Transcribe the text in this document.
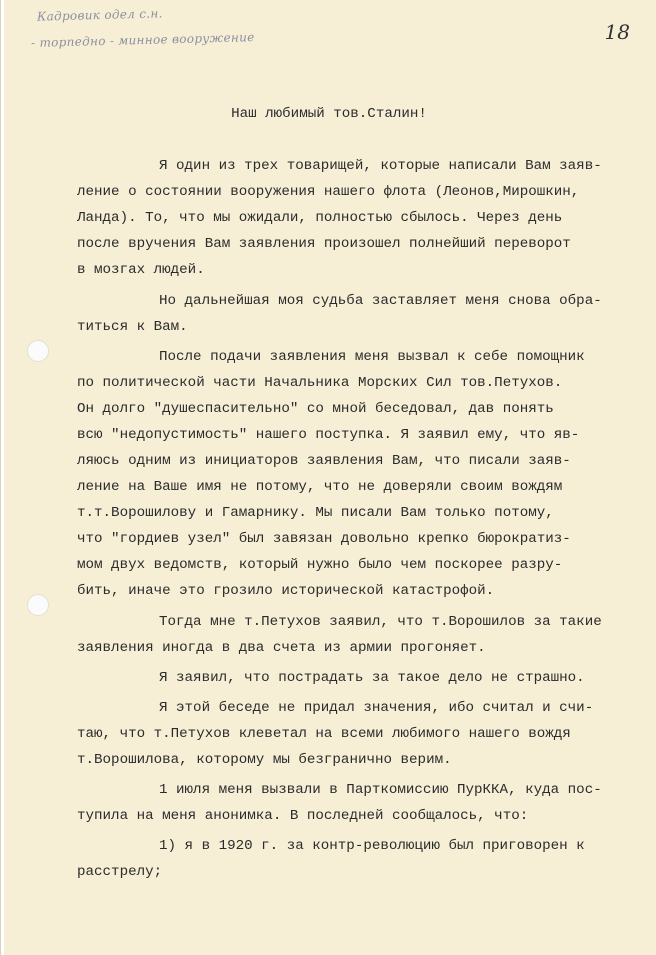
Кадровик одел с.н.
- торпедно - минное вооружение	18
Наш любимый тов.Сталин!
Я один из трех товарищей, которые написали Вам заяв-
ление о состоянии вооружения нашего флота (Леонов,Мирошкин,
Ланда). То, что мы ожидали, полностью сбылось. Через день
после вручения Вам заявления произошел полнейший переворот
в мозгах людей.
Но дальнейшая моя судьба заставляет меня снова обра-
титься к Вам.
После подачи заявления меня вызвал к себе помощник
по политической части Начальника Морских Сил тов.Петухов.
Он долго "душеспасительно" со мной беседовал, дав понять
всю "недопустимость" нашего поступка. Я заявил ему, что яв-
ляюсь одним из инициаторов заявления Вам, что писали заяв-
ление на Ваше имя не потому, что не доверяли своим вождям
т.т.Ворошилову и Гамарнику. Мы писали Вам только потому,
что "гордиев узел" был завязан довольно крепко бюрократиз-
мом двух ведомств, который нужно было чем поскорее разру-
бить, иначе это грозило исторической катастрофой.
Тогда мне т.Петухов заявил, что т.Ворошилов за такие
заявления иногда в два счета из армии прогоняет.
Я заявил, что пострадать за такое дело не страшно.
Я этой беседе не придал значения, ибо считал и счи-
таю, что т.Петухов клеветал на всеми любимого нашего вождя
т.Ворошилова, которому мы безгранично верим.
1 июля меня вызвали в Парткомиссию ПурККА, куда пос-
тупила на меня анонимка. В последней сообщалось, что:
1) я в 1920 г. за контр-революцию был приговорен к
расстрелу;
